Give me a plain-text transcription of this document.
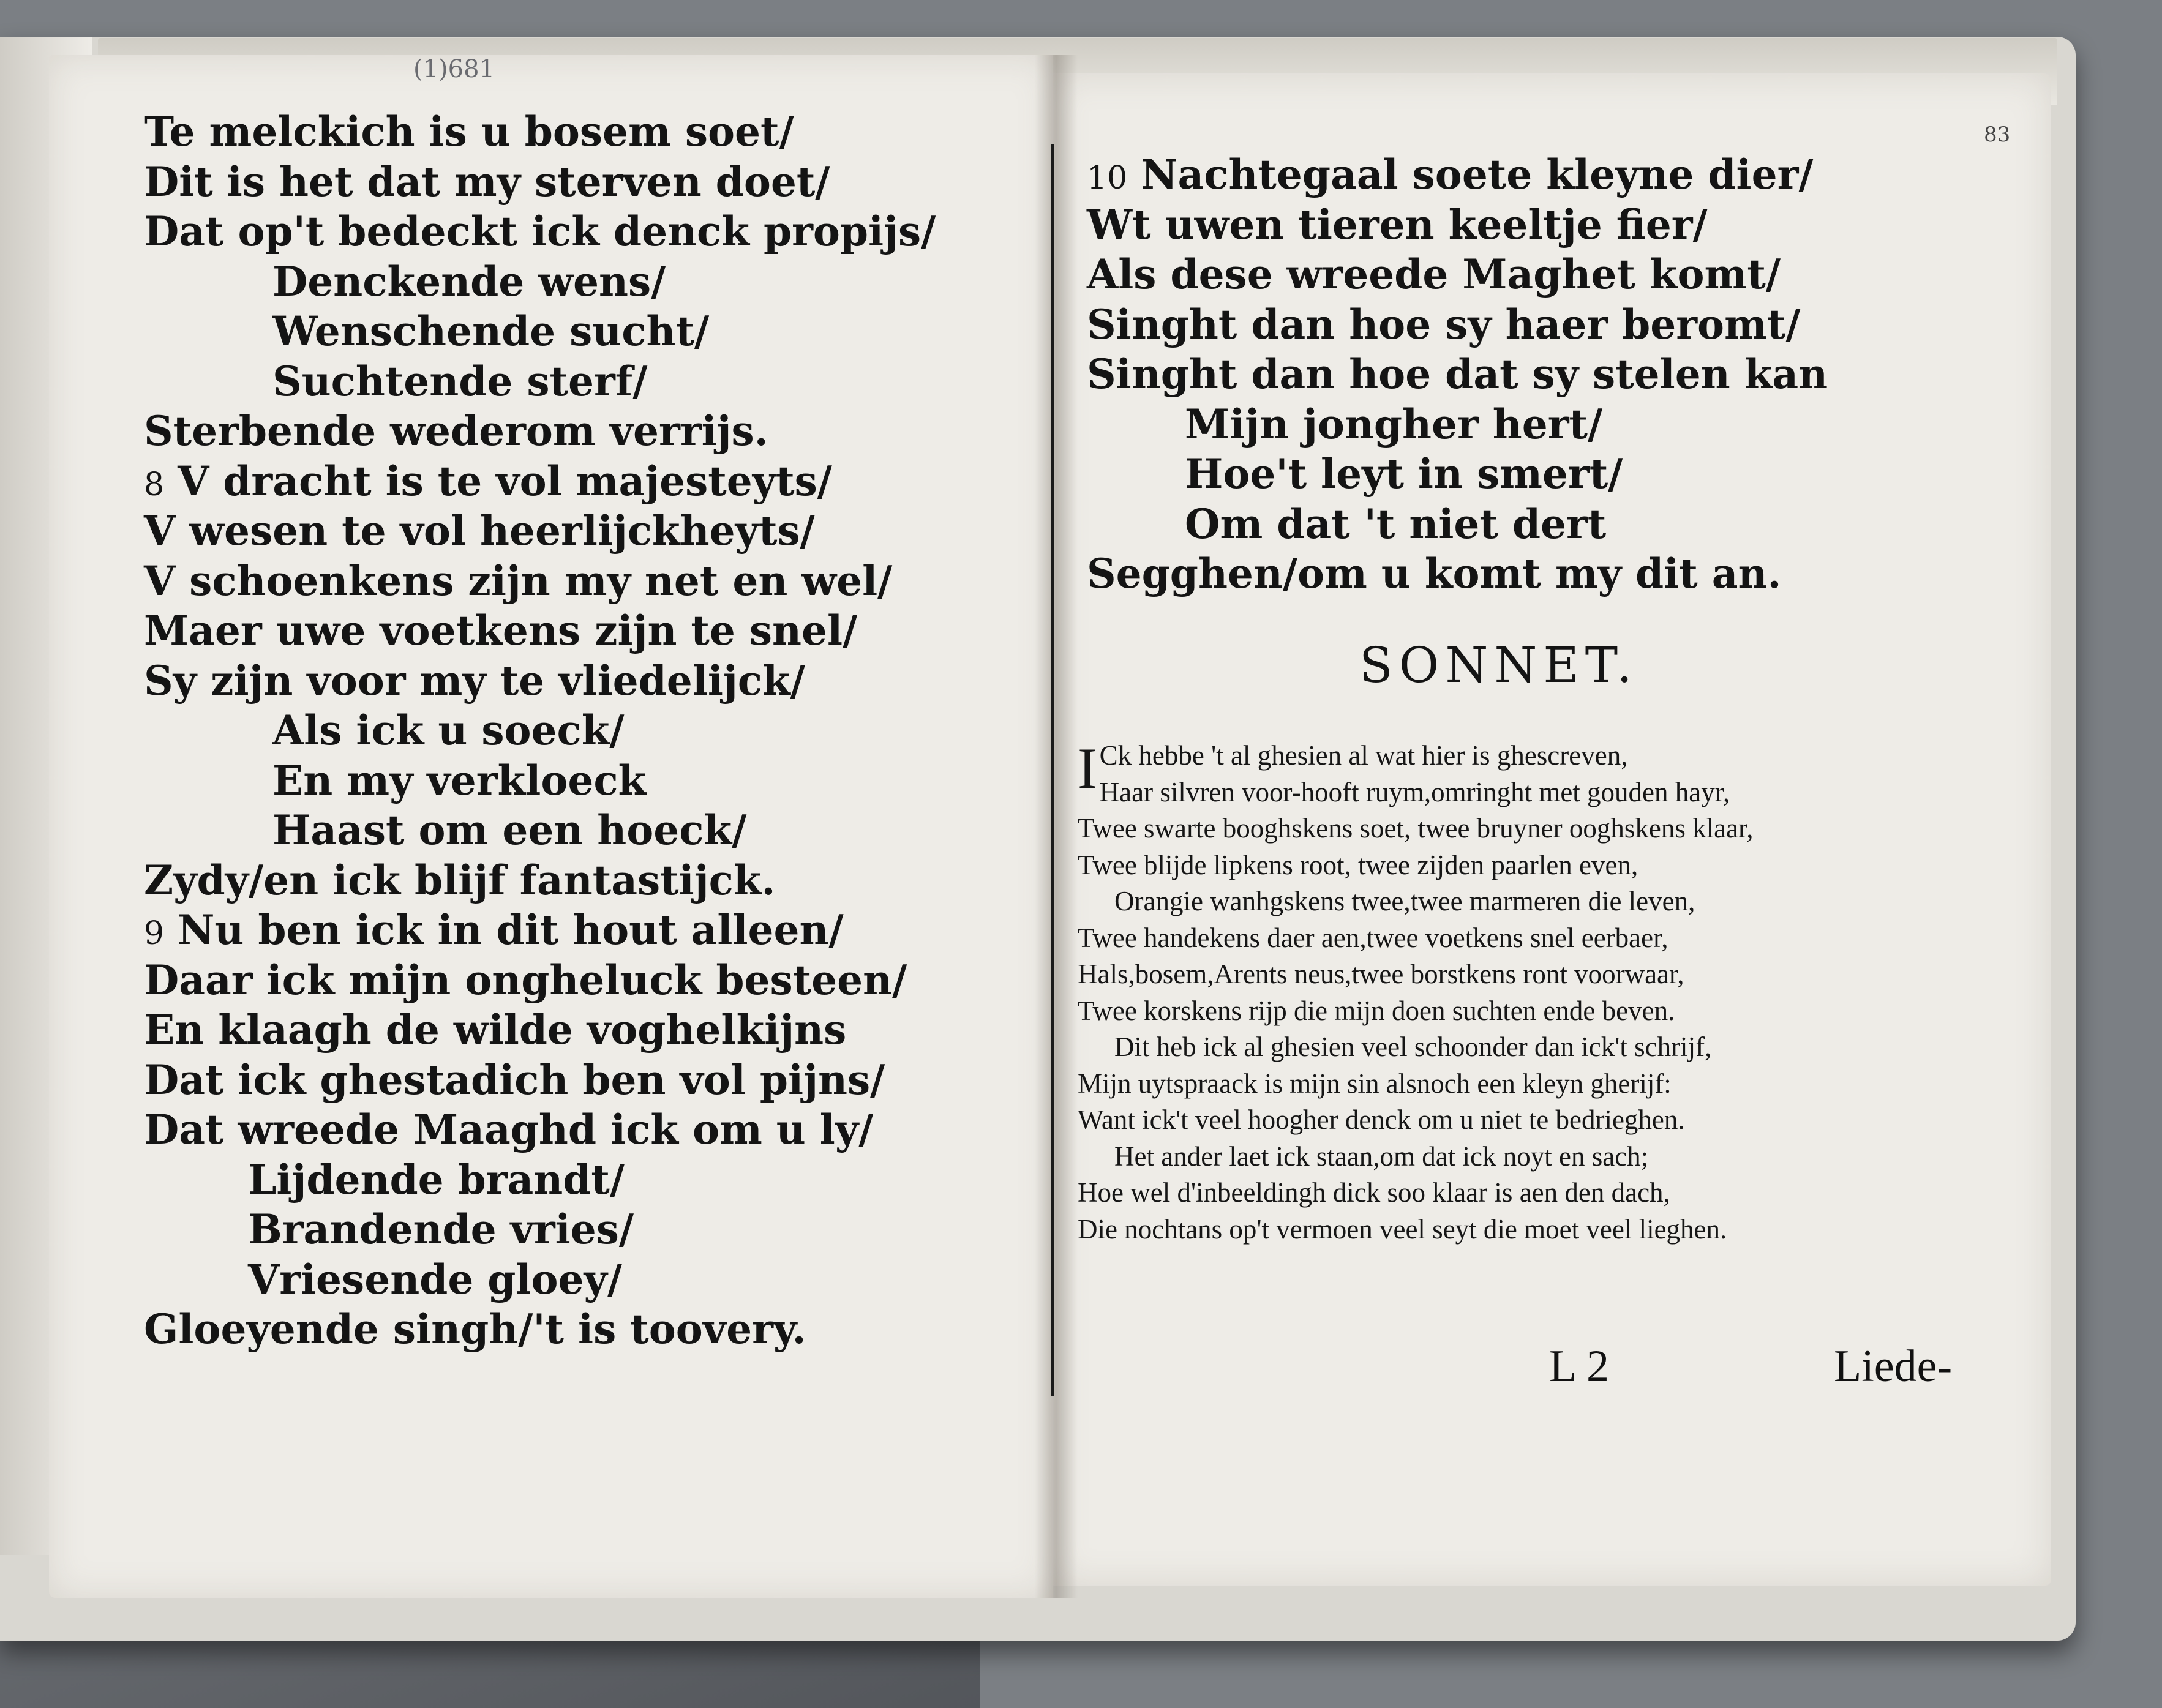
(1)681
83
Te melckich is u bosem soet/
Dit is het dat my sterven doet/
Dat op't bedeckt ick denck propijs/
Denckende wens/
Wenschende sucht/
Suchtende sterf/
Sterbende wederom verrijs.
8 V dracht is te vol majesteyts/
V wesen te vol heerlijckheyts/
V schoenkens zijn my net en wel/
Maer uwe voetkens zijn te snel/
Sy zijn voor my te vliedelijck/
Als ick u soeck/
En my verkloeck
Haast om een hoeck/
Zydy/en ick blijf fantastijck.
9 Nu ben ick in dit hout alleen/
Daar ick mijn ongheluck besteen/
En klaagh de wilde voghelkijns
Dat ick ghestadich ben vol pijns/
Dat wreede Maaghd ick om u ly/
Lijdende brandt/
Brandende vries/
Vriesende gloey/
Gloeyende singh/'t is toovery.
10 Nachtegaal soete kleyne dier/
Wt uwen tieren keeltje fier/
Als dese wreede Maghet komt/
Singht dan hoe sy haer beromt/
Singht dan hoe dat sy stelen kan
Mijn jongher hert/
Hoe't leyt in smert/
Om dat 't niet dert
Segghen/om u komt my dit an.
SONNET.
I Ck hebbe 't al ghesien al wat hier is ghescreven,
Haar silvren voor-hooft ruym,omringht met gouden hayr,
Twee swarte booghskens soet, twee bruyner ooghskens klaar,
Twee blijde lipkens root, twee zijden paarlen even,
Orangie wanhgskens twee,twee marmeren die leven,
Twee handekens daer aen,twee voetkens snel eerbaer,
Hals,bosem,Arents neus,twee borstkens ront voorwaar,
Twee korskens rijp die mijn doen suchten ende beven.
Dit heb ick al ghesien veel schoonder dan ick't schrijf,
Mijn uytspraack is mijn sin alsnoch een kleyn gherijf:
Want ick't veel hoogher denck om u niet te bedrieghen.
Het ander laet ick staan,om dat ick noyt en sach;
Hoe wel d'inbeeldingh dick soo klaar is aen den dach,
Die nochtans op't vermoen veel seyt die moet veel lieghen.
L 2	Liede-
